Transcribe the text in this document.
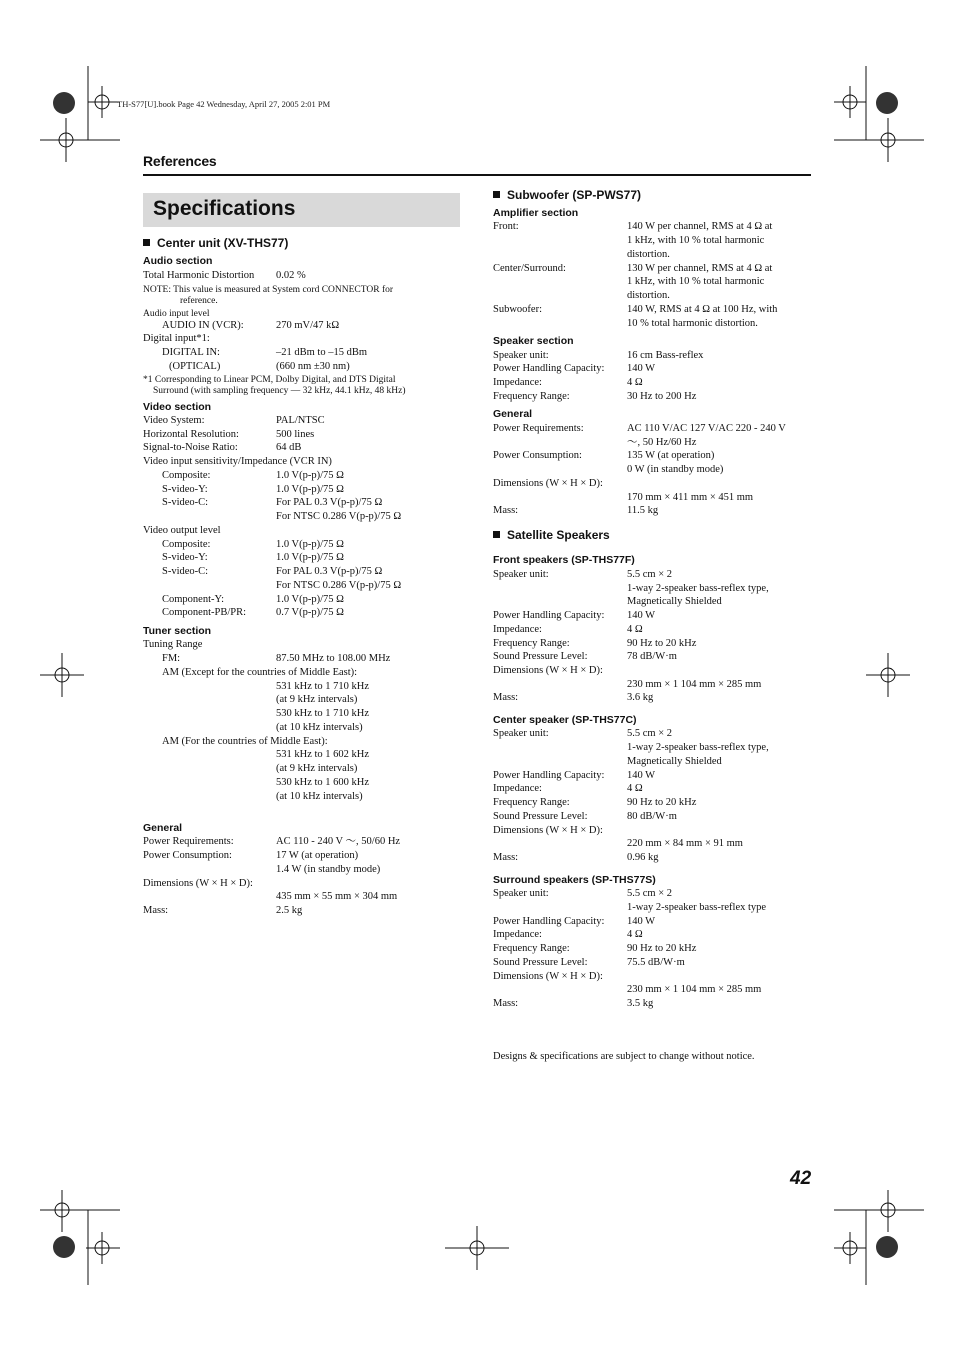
TH-S77[U].book Page 42 Wednesday, April 27, 2005 2:01 PM
References
Specifications
Center unit (XV-THS77)
Audio section
Total Harmonic Distortion 0.02 %
NOTE: This value is measured at System cord CONNECTOR for
reference.
Audio input level
AUDIO IN (VCR):	270 mV/47 kΩ
Digital input*1:
DIGITAL IN:	–21 dBm to –15 dBm
(OPTICAL)	(660 nm ±30 nm)
*1 Corresponding to Linear PCM, Dolby Digital, and DTS Digital
Surround (with sampling frequency — 32 kHz, 44.1 kHz, 48 kHz)
Video section
Video System:	PAL/NTSC
Horizontal Resolution:	500 lines
Signal-to-Noise Ratio:	64 dB
Video input sensitivity/Impedance (VCR IN)
Composite:	1.0 V(p-p)/75 Ω
S-video-Y:	1.0 V(p-p)/75 Ω
S-video-C:	For PAL 0.3 V(p-p)/75 Ω
For NTSC 0.286 V(p-p)/75 Ω
Video output level
Composite:	1.0 V(p-p)/75 Ω
S-video-Y:	1.0 V(p-p)/75 Ω
S-video-C:	For PAL 0.3 V(p-p)/75 Ω
For NTSC 0.286 V(p-p)/75 Ω
Component-Y:	1.0 V(p-p)/75 Ω
Component-PB/PR:	0.7 V(p-p)/75 Ω
Tuner section
Tuning Range
FM:	87.50 MHz to 108.00 MHz
AM (Except for the countries of Middle East):
531 kHz to 1 710 kHz
(at 9 kHz intervals)
530 kHz to 1 710 kHz
(at 10 kHz intervals)
AM (For the countries of Middle East):
531 kHz to 1 602 kHz
(at 9 kHz intervals)
530 kHz to 1 600 kHz
(at 10 kHz intervals)
General
Power Requirements:	AC 110 - 240 V ～, 50/60 Hz
Power Consumption:	17 W (at operation)
1.4 W (in standby mode)
Dimensions (W × H × D):
435 mm × 55 mm × 304 mm
Mass:	2.5 kg
Subwoofer (SP-PWS77)
Amplifier section
Front:	140 W per channel, RMS at 4 Ω at
1 kHz, with 10 % total harmonic
distortion.
Center/Surround:	130 W per channel, RMS at 4 Ω at
1 kHz, with 10 % total harmonic
distortion.
Subwoofer:	140 W, RMS at 4 Ω at 100 Hz, with
10 % total harmonic distortion.
Speaker section
Speaker unit:	16 cm Bass-reflex
Power Handling Capacity: 140 W
Impedance:	4 Ω
Frequency Range:	30 Hz to 200 Hz
General
Power Requirements:	AC 110 V/AC 127 V/AC 220 - 240 V
～, 50 Hz/60 Hz
Power Consumption:	135 W (at operation)
0 W (in standby mode)
Dimensions (W × H × D):
170 mm × 411 mm × 451 mm
Mass:	11.5 kg
Satellite Speakers
Front speakers (SP-THS77F)
Speaker unit:	5.5 cm × 2
1-way 2-speaker bass-reflex type,
Magnetically Shielded
Power Handling Capacity: 140 W
Impedance:	4 Ω
Frequency Range:	90 Hz to 20 kHz
Sound Pressure Level:	78 dB/W·m
Dimensions (W × H × D):
230 mm × 1 104 mm × 285 mm
Mass:	3.6 kg
Center speaker (SP-THS77C)
Speaker unit:	5.5 cm × 2
1-way 2-speaker bass-reflex type,
Magnetically Shielded
Power Handling Capacity: 140 W
Impedance:	4 Ω
Frequency Range:	90 Hz to 20 kHz
Sound Pressure Level:	80 dB/W·m
Dimensions (W × H × D):
220 mm × 84 mm × 91 mm
Mass:	0.96 kg
Surround speakers (SP-THS77S)
Speaker unit:	5.5 cm × 2
1-way 2-speaker bass-reflex type
Power Handling Capacity: 140 W
Impedance:	4 Ω
Frequency Range:	90 Hz to 20 kHz
Sound Pressure Level:	75.5 dB/W·m
Dimensions (W × H × D):
230 mm × 1 104 mm × 285 mm
Mass:	3.5 kg
Designs & specifications are subject to change without notice.
42
